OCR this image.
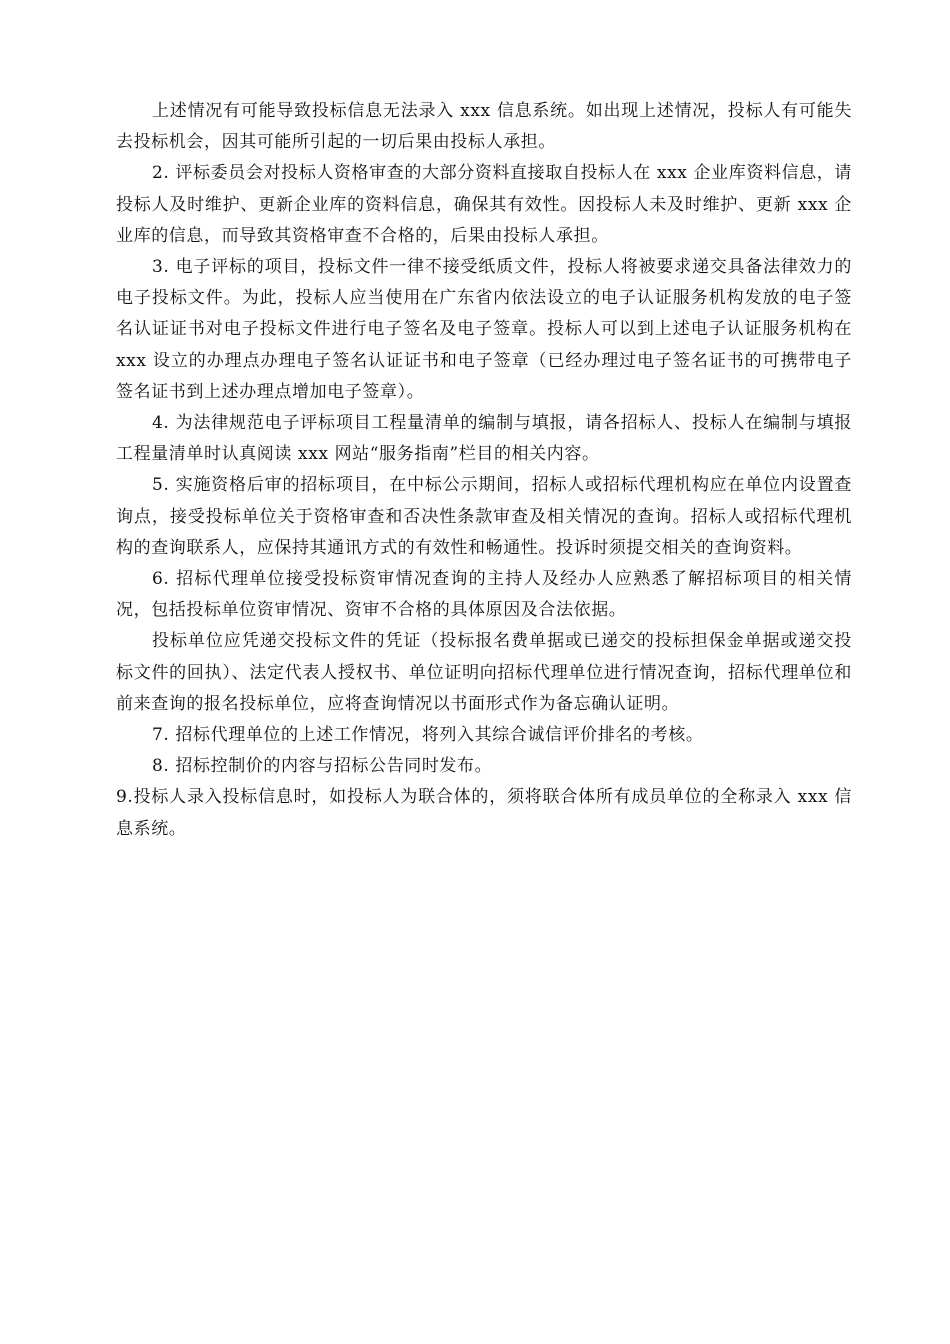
上述情况有可能导致投标信息无法录入 xxx 信息系统。如出现上述情况，投标人有可能失去投标机会，因其可能所引起的一切后果由投标人承担。

2. 评标委员会对投标人资格审查的大部分资料直接取自投标人在 xxx 企业库资料信息，请投标人及时维护、更新企业库的资料信息，确保其有效性。因投标人未及时维护、更新 xxx 企业库的信息，而导致其资格审查不合格的，后果由投标人承担。

3. 电子评标的项目，投标文件一律不接受纸质文件，投标人将被要求递交具备法律效力的电子投标文件。为此，投标人应当使用在广东省内依法设立的电子认证服务机构发放的电子签名认证证书对电子投标文件进行电子签名及电子签章。投标人可以到上述电子认证服务机构在 xxx 设立的办理点办理电子签名认证证书和电子签章（已经办理过电子签名证书的可携带电子签名证书到上述办理点增加电子签章）。

4. 为法律规范电子评标项目工程量清单的编制与填报，请各招标人、投标人在编制与填报工程量清单时认真阅读 xxx 网站“服务指南”栏目的相关内容。

5. 实施资格后审的招标项目，在中标公示期间，招标人或招标代理机构应在单位内设置查询点，接受投标单位关于资格审查和否决性条款审查及相关情况的查询。招标人或招标代理机构的查询联系人，应保持其通讯方式的有效性和畅通性。投诉时须提交相关的查询资料。

6. 招标代理单位接受投标资审情况查询的主持人及经办人应熟悉了解招标项目的相关情况，包括投标单位资审情况、资审不合格的具体原因及合法依据。

投标单位应凭递交投标文件的凭证（投标报名费单据或已递交的投标担保金单据或递交投标文件的回执）、法定代表人授权书、单位证明向招标代理单位进行情况查询，招标代理单位和前来查询的报名投标单位，应将查询情况以书面形式作为备忘确认证明。

7. 招标代理单位的上述工作情况，将列入其综合诚信评价排名的考核。

8. 招标控制价的内容与招标公告同时发布。

9.投标人录入投标信息时，如投标人为联合体的，须将联合体所有成员单位的全称录入 xxx 信息系统。
